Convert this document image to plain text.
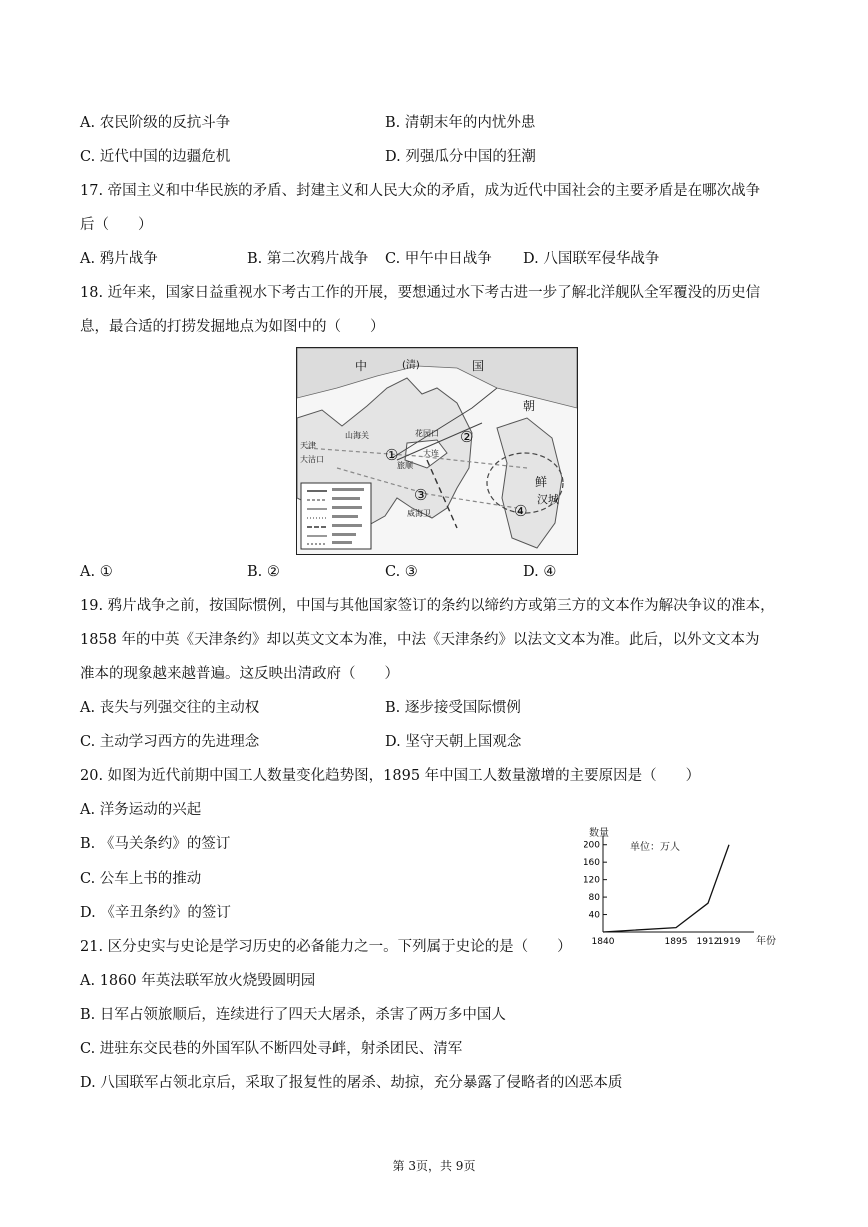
A. 农民阶级的反抗斗争	B. 清朝末年的内忧外患
C. 近代中国的边疆危机	D. 列强瓜分中国的狂潮
17. 帝国主义和中华民族的矛盾、封建主义和人民大众的矛盾，成为近代中国社会的主要矛盾是在哪次战争
后（　　）
A. 鸦片战争	B. 第二次鸦片战争 C. 甲午中日战争 D. 八国联军侵华战争
18. 近年来，国家日益重视水下考古工作的开展，要想通过水下考古进一步了解北洋舰队全军覆没的历史信
息，最合适的打捞发掘地点为如图中的（　　）
中	(清)	国
朝
鲜
汉城
山海关
天津
大沽口
旅顺
花园口
大连
威海卫
①
②
③
④
A. ①	B. ②	C. ③	D. ④
19. 鸦片战争之前，按国际惯例，中国与其他国家签订的条约以缔约方或第三方的文本作为解决争议的准本，
1858 年的中英《天津条约》却以英文文本为准，中法《天津条约》以法文文本为准。此后，以外文文本为
准本的现象越来越普遍。这反映出清政府（　　）
A. 丧失与列强交往的主动权	B. 逐步接受国际惯例
C. 主动学习西方的先进理念	D. 坚守天朝上国观念
20. 如图为近代前期中国工人数量变化趋势图，1895 年中国工人数量激增的主要原因是（　　）
A. 洋务运动的兴起
B. 《马关条约》的签订
C. 公车上书的推动
D. 《辛丑条约》的签订
数量
单位：万人
年份
40
80
120
160
200
1840	1895 1912
1919
21. 区分史实与史论是学习历史的必备能力之一。下列属于史论的是（　　）
A. 1860 年英法联军放火烧毁圆明园
B. 日军占领旅顺后，连续进行了四天大屠杀，杀害了两万多中国人
C. 进驻东交民巷的外国军队不断四处寻衅，射杀团民、清军
D. 八国联军占领北京后，采取了报复性的屠杀、劫掠，充分暴露了侵略者的凶恶本质
第 3页，共 9页
